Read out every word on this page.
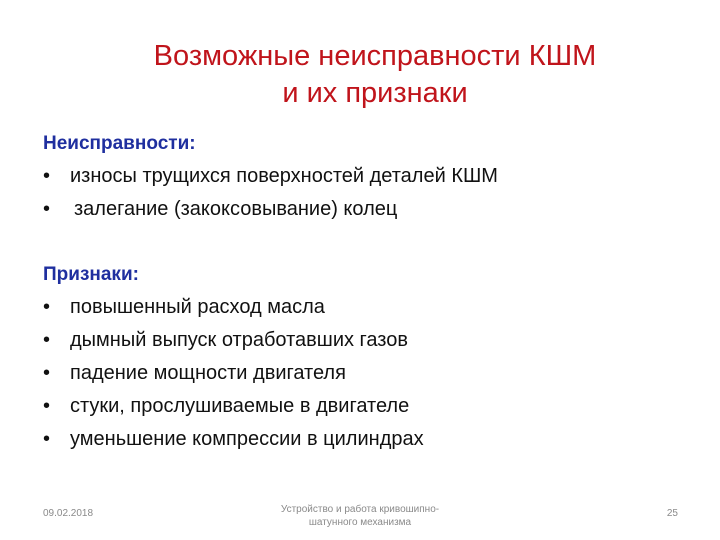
Возможные неисправности КШМ
и их признаки
Неисправности:
• износы трущихся поверхностей деталей КШМ
• залегание (закоксовывание) колец
Признаки:
• повышенный расход масла
• дымный выпуск отработавших газов
• падение мощности двигателя
• стуки, прослушиваемые в двигателе
• уменьшение компрессии в цилиндрах
09.02.2018	Устройство и работа кривошипно-
шатунного механизма
25
